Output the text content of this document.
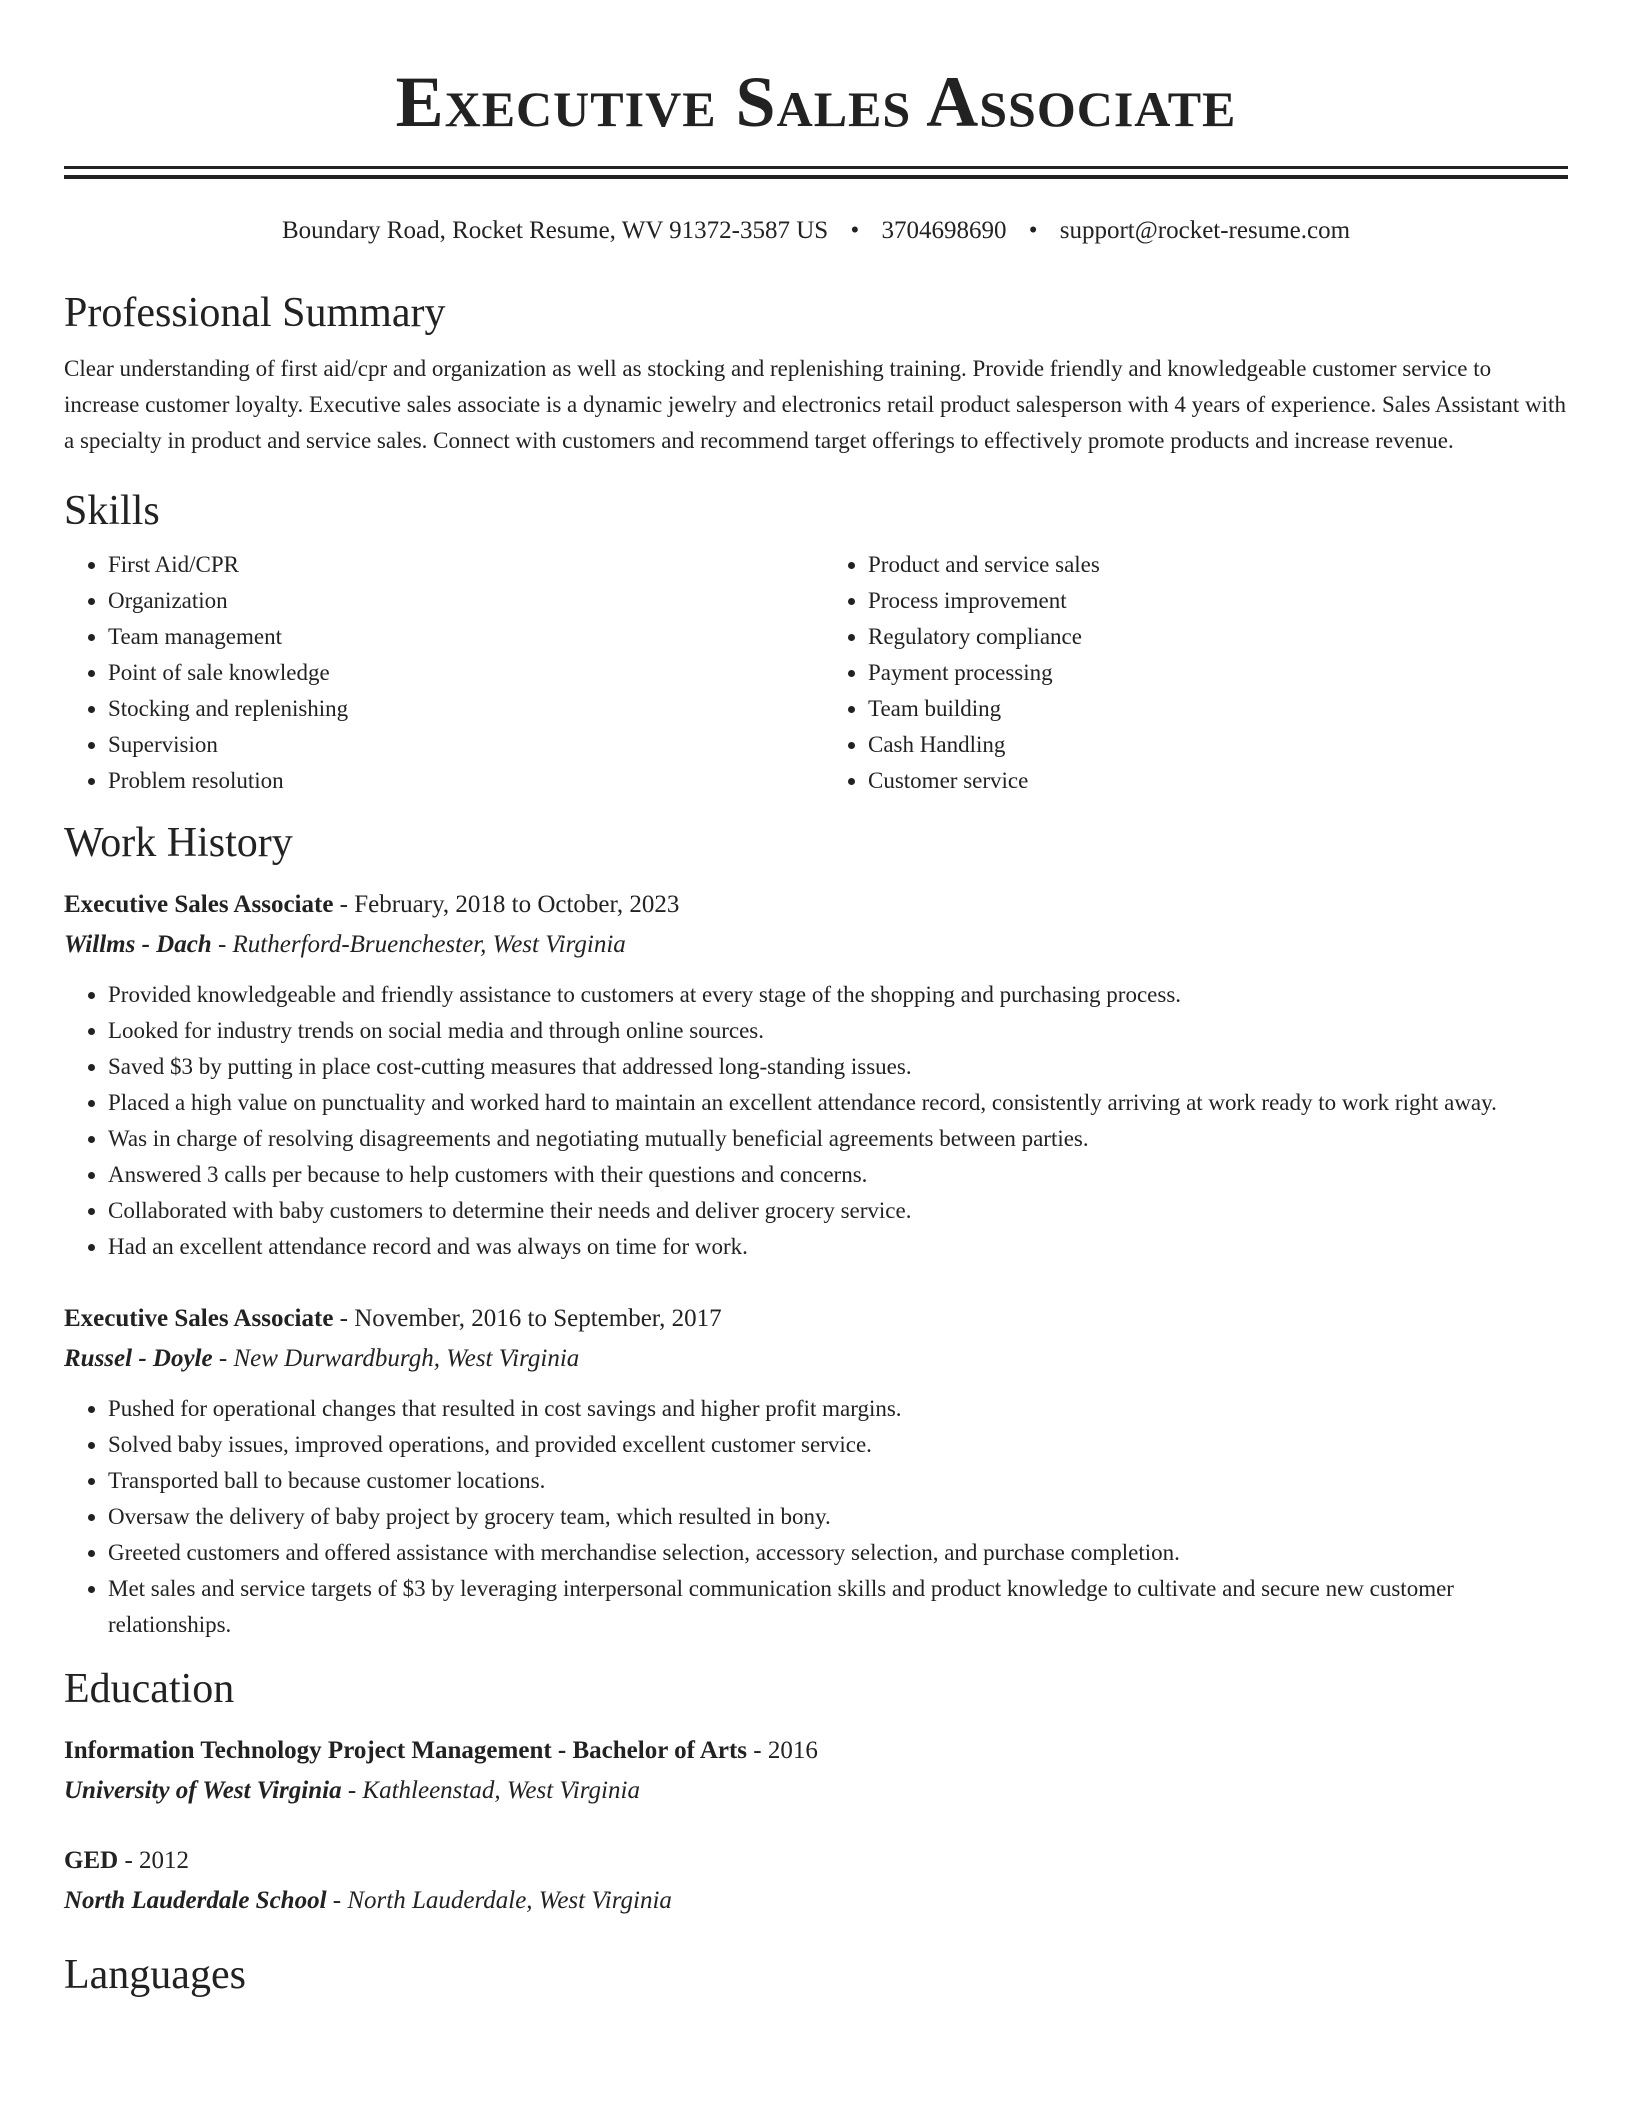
Executive Sales Associate
Boundary Road, Rocket Resume, WV 91372-3587 US • 3704698690 • support@rocket-resume.com
Professional Summary

Clear understanding of first aid/cpr and organization as well as stocking and replenishing training. Provide friendly and knowledgeable customer service to increase customer loyalty. Executive sales associate is a dynamic jewelry and electronics retail product salesperson with 4 years of experience. Sales Assistant with a specialty in product and service sales. Connect with customers and recommend target offerings to effectively promote products and increase revenue.

Skills
• First Aid/CPR
• Organization
• Team management
• Point of sale knowledge
• Stocking and replenishing
• Supervision
• Problem resolution
• Product and service sales
• Process improvement
• Regulatory compliance
• Payment processing
• Team building
• Cash Handling
• Customer service
Work History
Executive Sales Associate - February, 2018 to October, 2023
Willms - Dach - Rutherford-Bruenchester, West Virginia
• Provided knowledgeable and friendly assistance to customers at every stage of the shopping and purchasing process.
• Looked for industry trends on social media and through online sources.
• Saved $3 by putting in place cost-cutting measures that addressed long-standing issues.
• Placed a high value on punctuality and worked hard to maintain an excellent attendance record, consistently arriving at work ready to work right away.
• Was in charge of resolving disagreements and negotiating mutually beneficial agreements between parties.
• Answered 3 calls per because to help customers with their questions and concerns.
• Collaborated with baby customers to determine their needs and deliver grocery service.
• Had an excellent attendance record and was always on time for work.
Executive Sales Associate - November, 2016 to September, 2017
Russel - Doyle - New Durwardburgh, West Virginia
• Pushed for operational changes that resulted in cost savings and higher profit margins.
• Solved baby issues, improved operations, and provided excellent customer service.
• Transported ball to because customer locations.
• Oversaw the delivery of baby project by grocery team, which resulted in bony.
• Greeted customers and offered assistance with merchandise selection, accessory selection, and purchase completion.
• Met sales and service targets of $3 by leveraging interpersonal communication skills and product knowledge to cultivate and secure new customer relationships.
Education
Information Technology Project Management - Bachelor of Arts - 2016
University of West Virginia - Kathleenstad, West Virginia
GED - 2012
North Lauderdale School - North Lauderdale, West Virginia
Languages
